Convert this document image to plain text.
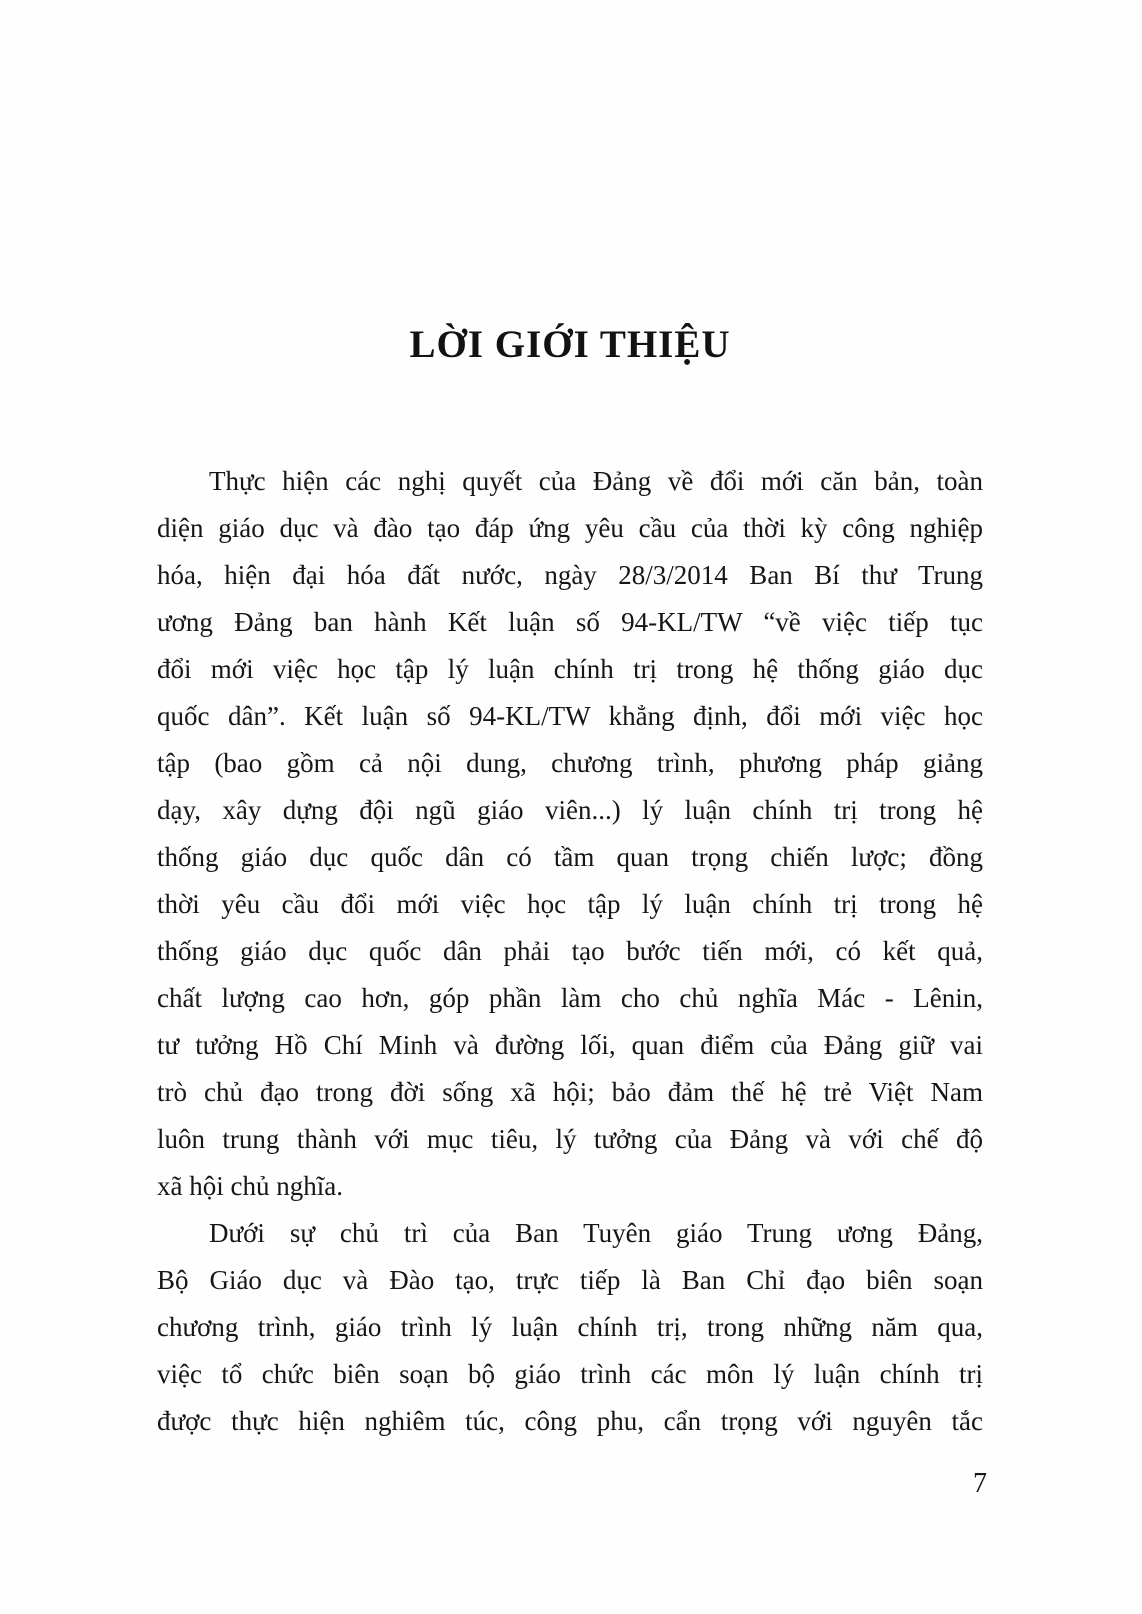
LỜI GIỚI THIỆU
Thực hiện các nghị quyết của Đảng về đổi mới căn bản, toàn
diện giáo dục và đào tạo đáp ứng yêu cầu của thời kỳ công nghiệp
hóa, hiện đại hóa đất nước, ngày 28/3/2014 Ban Bí thư Trung
ương Đảng ban hành Kết luận số 94-KL/TW “về việc tiếp tục
đổi mới việc học tập lý luận chính trị trong hệ thống giáo dục
quốc dân”. Kết luận số 94-KL/TW khẳng định, đổi mới việc học
tập (bao gồm cả nội dung, chương trình, phương pháp giảng
dạy, xây dựng đội ngũ giáo viên...) lý luận chính trị trong hệ
thống giáo dục quốc dân có tầm quan trọng chiến lược; đồng
thời yêu cầu đổi mới việc học tập lý luận chính trị trong hệ
thống giáo dục quốc dân phải tạo bước tiến mới, có kết quả,
chất lượng cao hơn, góp phần làm cho chủ nghĩa Mác - Lênin,
tư tưởng Hồ Chí Minh và đường lối, quan điểm của Đảng giữ vai
trò chủ đạo trong đời sống xã hội; bảo đảm thế hệ trẻ Việt Nam
luôn trung thành với mục tiêu, lý tưởng của Đảng và với chế độ
xã hội chủ nghĩa.
Dưới sự chủ trì của Ban Tuyên giáo Trung ương Đảng,
Bộ Giáo dục và Đào tạo, trực tiếp là Ban Chỉ đạo biên soạn
chương trình, giáo trình lý luận chính trị, trong những năm qua,
việc tổ chức biên soạn bộ giáo trình các môn lý luận chính trị
được thực hiện nghiêm túc, công phu, cẩn trọng với nguyên tắc
7
